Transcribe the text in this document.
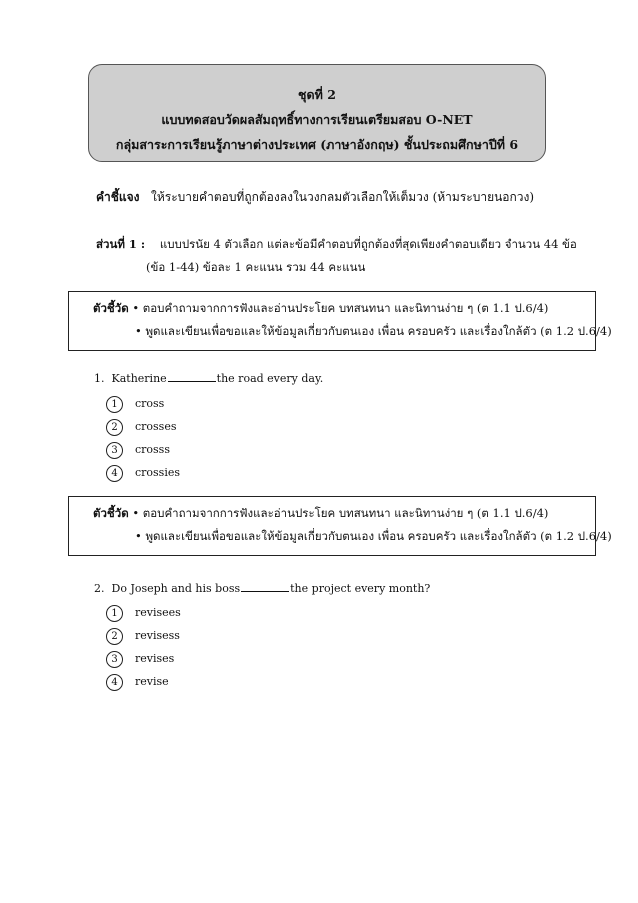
ชุดที่ 2
แบบทดสอบวัดผลสัมฤทธิ์ทางการเรียนเตรียมสอบ O-NET
กลุ่มสาระการเรียนรู้ภาษาต่างประเทศ (ภาษาอังกฤษ) ชั้นประถมศึกษาปีที่ 6
คำชี้แจง ให้ระบายคำตอบที่ถูกต้องลงในวงกลมตัวเลือกให้เต็มวง (ห้ามระบายนอกวง)
ส่วนที่ 1 : แบบปรนัย 4 ตัวเลือก แต่ละข้อมีคำตอบที่ถูกต้องที่สุดเพียงคำตอบเดียว จำนวน 44 ข้อ
(ข้อ 1-44) ข้อละ 1 คะแนน รวม 44 คะแนน
ตัวชี้วัด • ตอบคำถามจากการฟังและอ่านประโยค บทสนทนา และนิทานง่าย ๆ (ต 1.1 ป.6/4)
• พูดและเขียนเพื่อขอและให้ข้อมูลเกี่ยวกับตนเอง เพื่อน ครอบครัว และเรื่องใกล้ตัว (ต 1.2 ป.6/4)
1. Katherine	the road every day.
1	cross
2	crosses
3	crosss
4	crossies
ตัวชี้วัด • ตอบคำถามจากการฟังและอ่านประโยค บทสนทนา และนิทานง่าย ๆ (ต 1.1 ป.6/4)
• พูดและเขียนเพื่อขอและให้ข้อมูลเกี่ยวกับตนเอง เพื่อน ครอบครัว และเรื่องใกล้ตัว (ต 1.2 ป.6/4)
2. Do Joseph and his boss	the project every month?
1	revisees
2	revisess
3	revises
4	revise
